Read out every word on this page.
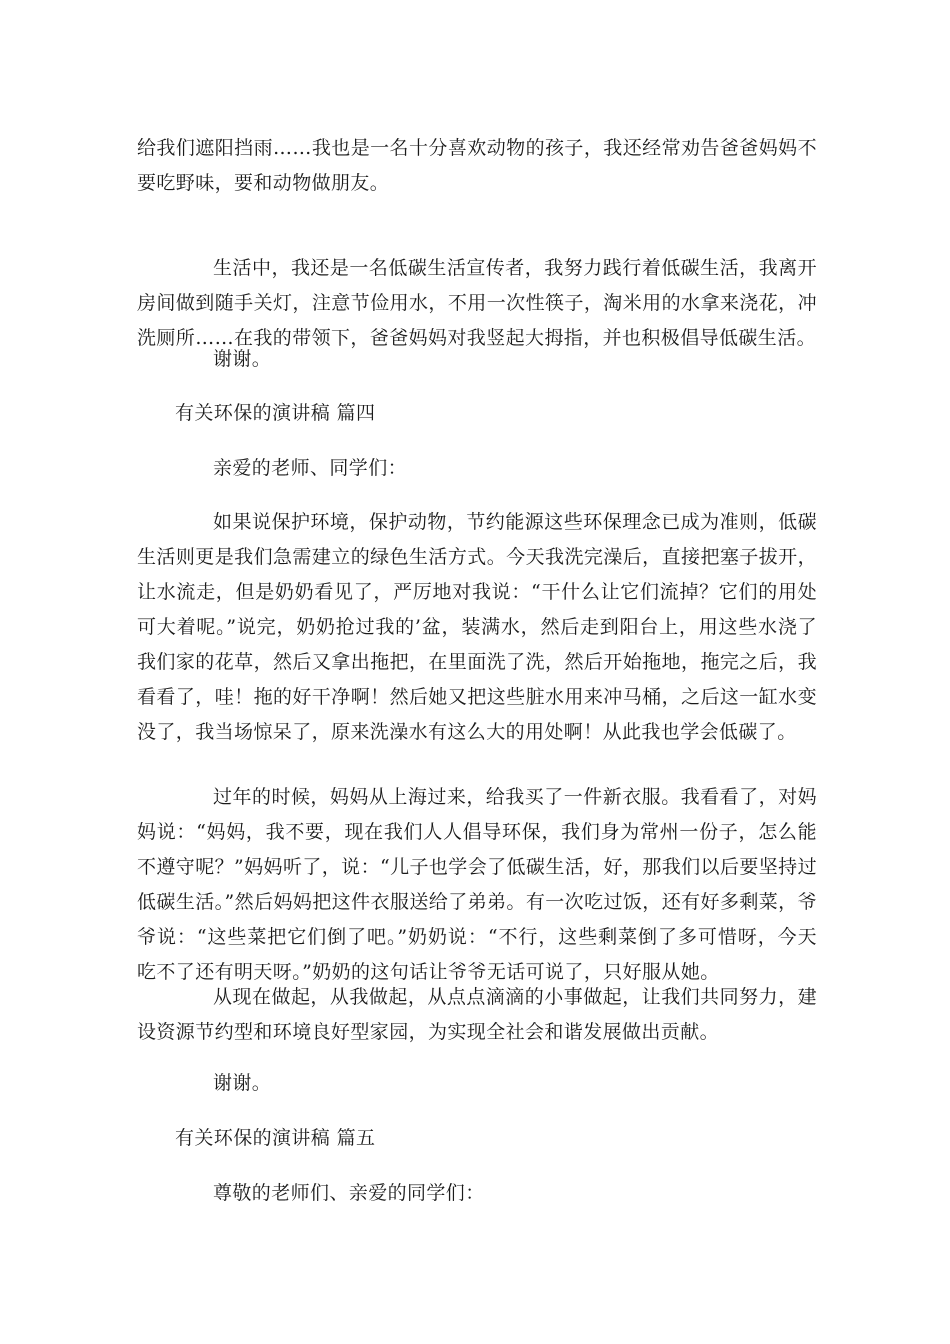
给我们遮阳挡雨……我也是一名十分喜欢动物的孩子，我还经常劝告爸爸妈妈不要吃野味，要和动物做朋友。

生活中，我还是一名低碳生活宣传者，我努力践行着低碳生活，我离开房间做到随手关灯，注意节俭用水，不用一次性筷子，淘米用的水拿来浇花，冲洗厕所……在我的带领下，爸爸妈妈对我竖起大拇指，并也积极倡导低碳生活。

谢谢。

有关环保的演讲稿 篇四

亲爱的老师、同学们：

如果说保护环境，保护动物，节约能源这些环保理念已成为准则，低碳生活则更是我们急需建立的绿色生活方式。今天我洗完澡后，直接把塞子拔开，让水流走，但是奶奶看见了，严厉地对我说：“干什么让它们流掉？它们的用处可大着呢。”说完，奶奶抢过我的’盆，装满水，然后走到阳台上，用这些水浇了我们家的花草，然后又拿出拖把，在里面洗了洗，然后开始拖地，拖完之后，我看看了，哇！拖的好干净啊！然后她又把这些脏水用来冲马桶，之后这一缸水变没了，我当场惊呆了，原来洗澡水有这么大的用处啊！从此我也学会低碳了。

过年的时候，妈妈从上海过来，给我买了一件新衣服。我看看了，对妈妈说：“妈妈，我不要，现在我们人人倡导环保，我们身为常州一份子，怎么能不遵守呢？”妈妈听了，说：“儿子也学会了低碳生活，好，那我们以后要坚持过低碳生活。”然后妈妈把这件衣服送给了弟弟。有一次吃过饭，还有好多剩菜，爷爷说：“这些菜把它们倒了吧。”奶奶说：“不行，这些剩菜倒了多可惜呀，今天吃不了还有明天呀。”奶奶的这句话让爷爷无话可说了，只好服从她。

从现在做起，从我做起，从点点滴滴的小事做起，让我们共同努力，建设资源节约型和环境良好型家园，为实现全社会和谐发展做出贡献。

谢谢。

有关环保的演讲稿 篇五

尊敬的老师们、亲爱的同学们：
